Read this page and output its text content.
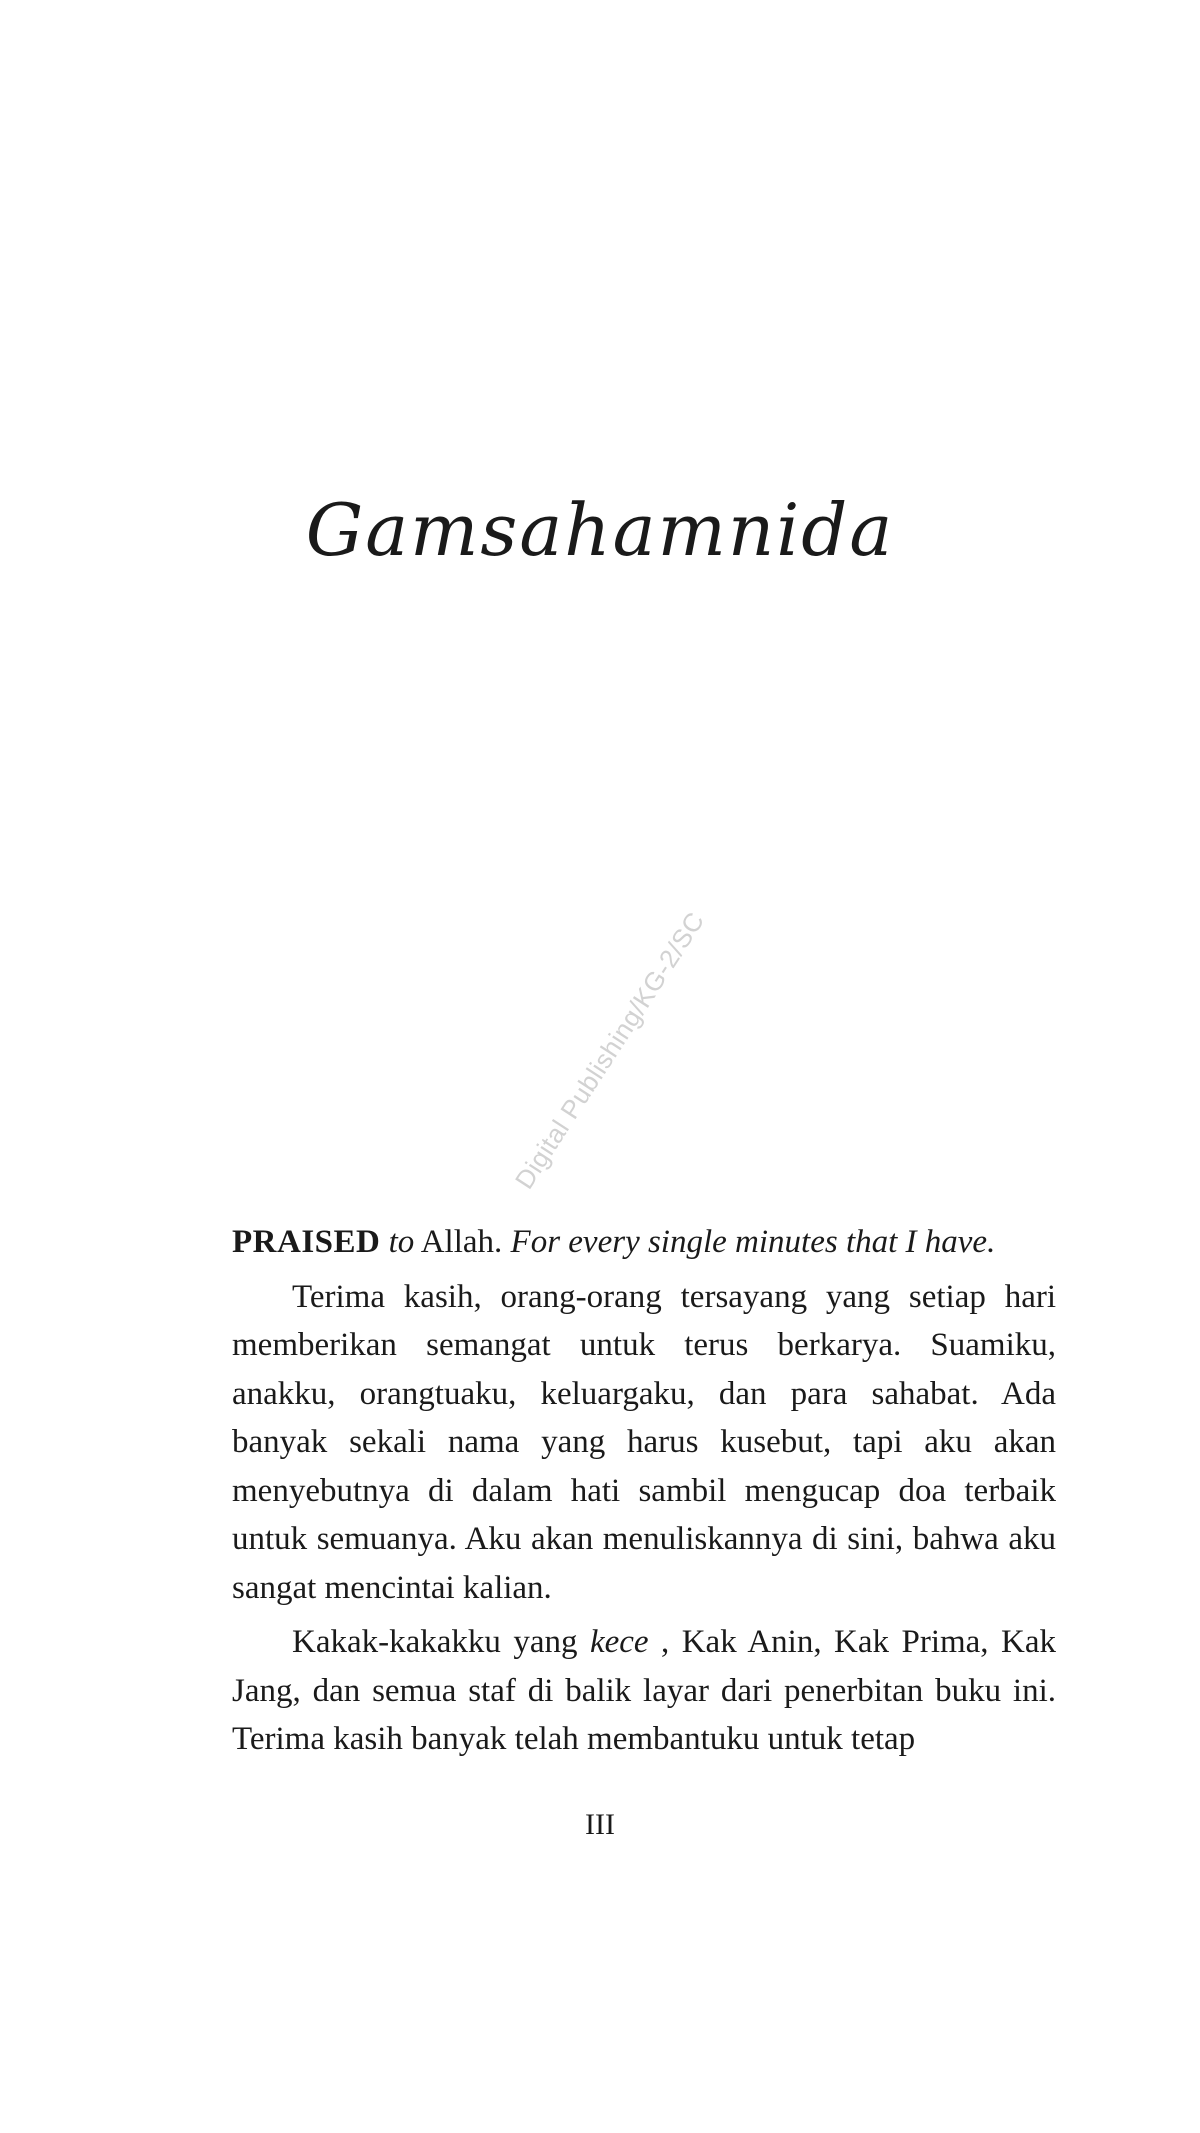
Gamsahamnida
Digital Publishing/KG-2/SC

PRAISED to Allah. For every single minutes that I have.

Terima kasih, orang-orang tersayang yang setiap hari memberikan semangat untuk terus berkarya. Suamiku, anakku, orangtuaku, keluargaku, dan para sahabat. Ada banyak sekali nama yang harus kusebut, tapi aku akan menyebutnya di dalam hati sambil mengucap doa terbaik untuk semuanya. Aku akan menuliskannya di sini, bahwa aku sangat mencintai kalian.

Kakak-kakakku yang kece , Kak Anin, Kak Prima, Kak Jang, dan semua staf di balik layar dari penerbitan buku ini. Terima kasih banyak telah membantuku untuk tetap

III
